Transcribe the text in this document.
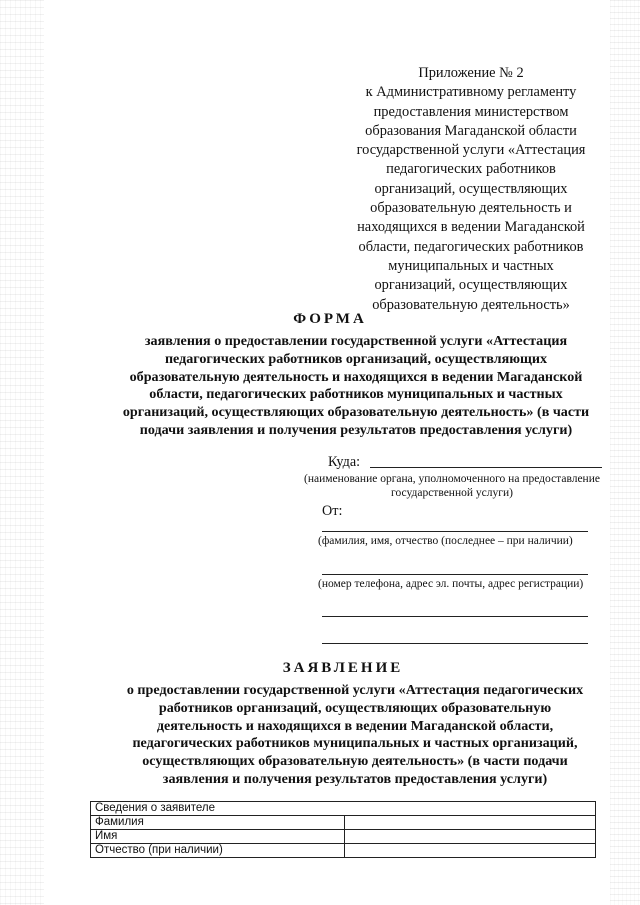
Приложение № 2
к Административному регламенту
предоставления министерством
образования Магаданской области
государственной услуги «Аттестация
педагогических работников
организаций, осуществляющих
образовательную деятельность и
находящихся в ведении Магаданской
области, педагогических работников
муниципальных и частных
организаций, осуществляющих
образовательную деятельность»
ФОРМА
заявления о предоставлении государственной услуги «Аттестация
педагогических работников организаций, осуществляющих
образовательную деятельность и находящихся в ведении Магаданской
области, педагогических работников муниципальных и частных
организаций, осуществляющих образовательную деятельность» (в части
подачи заявления и получения результатов предоставления услуги)
Куда:
(наименование органа, уполномоченного на предоставление
государственной услуги)
От:
(фамилия, имя, отчество (последнее – при наличии)
(номер телефона, адрес эл. почты, адрес регистрации)
ЗАЯВЛЕНИЕ
о предоставлении государственной услуги «Аттестация педагогических
работников организаций, осуществляющих образовательную
деятельность и находящихся в ведении Магаданской области,
педагогических работников муниципальных и частных организаций,
осуществляющих образовательную деятельность» (в части подачи
заявления и получения результатов предоставления услуги)
Сведения о заявителе	
Фамилия	
Имя	
Отчество (при наличии)	
